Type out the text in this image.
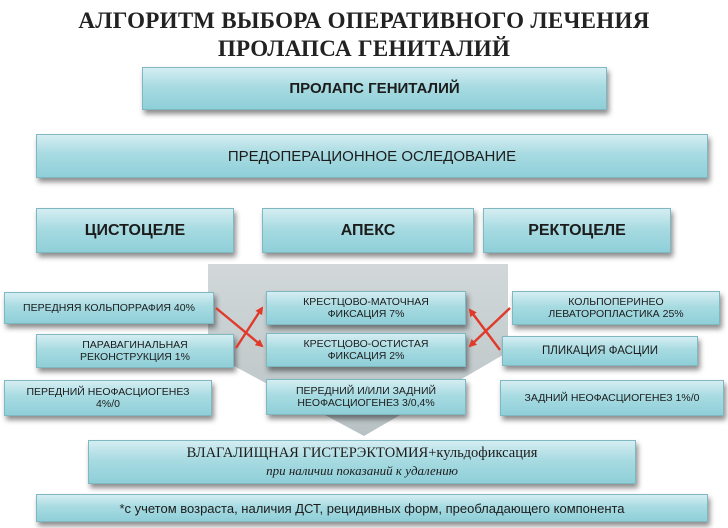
АЛГОРИТМ ВЫБОРА ОПЕРАТИВНОГО ЛЕЧЕНИЯ
ПРОЛАПСА ГЕНИТАЛИЙ
ПРОЛАПС ГЕНИТАЛИЙ
ПРЕДОПЕРАЦИОННОЕ ОСЛЕДОВАНИЕ
ЦИСТОЦЕЛЕ	АПЕКС	РЕКТОЦЕЛЕ
ПЕРЕДНЯЯ КОЛЬПОРРАФИЯ 40%
ПАРАВАГИНАЛЬНАЯ РЕКОНСТРУКЦИЯ 1%
ПЕРЕДНИЙ НЕОФАСЦИОГЕНЕЗ 4%/0
КРЕСТЦОВО-МАТОЧНАЯ ФИКСАЦИЯ 7%
КРЕСТЦОВО-ОСТИСТАЯ ФИКСАЦИЯ 2%
ПЕРЕДНИЙ И/ИЛИ ЗАДНИЙ НЕОФАСЦИОГЕНЕЗ 3/0,4%
КОЛЬПОПЕРИНЕО ЛЕВАТОРОПЛАСТИКА 25%
ПЛИКАЦИЯ ФАСЦИИ
ЗАДНИЙ НЕОФАСЦИОГЕНЕЗ 1%/0
ВЛАГАЛИЩНАЯ ГИСТЕРЭКТОМИЯ+кульдофиксация
при наличии показаний к удалению
*с учетом возраста, наличия ДСТ, рецидивных форм, преобладающего компонента
